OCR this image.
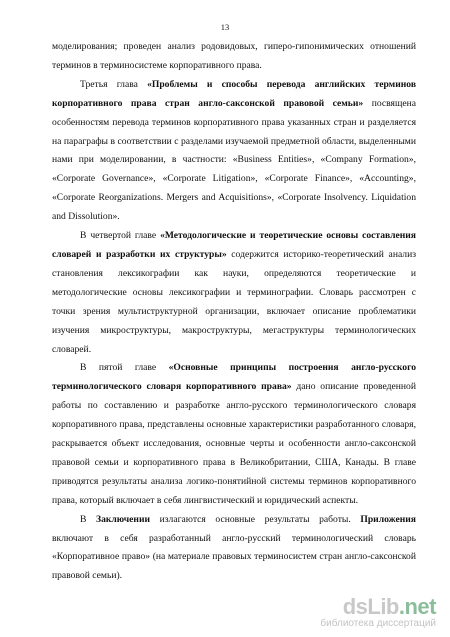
13

моделирования; проведен анализ родовидовых, гиперо-гипонимических отношений терминов в терминосистеме корпоративного права.

Третья глава «Проблемы и способы перевода английских терминов корпоративного права стран англо-саксонской правовой семьи» посвящена особенностям перевода терминов корпоративного права указанных стран и разделяется на параграфы в соответствии с разделами изучаемой предметной области, выделенными нами при моделировании, в частности: «Business Entities», «Company Formation», «Corporate Governance», «Corporate Litigation», «Corporate Finance», «Accounting», «Corporate Reorganizations. Mergers and Acquisitions», «Corporate Insolvency. Liquidation and Dissolution».

В четвертой главе «Методологические и теоретические основы составления словарей и разработки их структуры» содержится историко-теоретический анализ становления лексикографии как науки, определяются теоретические и методологические основы лексикографии и терминографии. Словарь рассмотрен с точки зрения мультиструктурной организации, включает описание проблематики изучения микроструктуры, макроструктуры, мегаструктуры терминологических словарей.

В пятой главе «Основные принципы построения англо-русского терминологического словаря корпоративного права» дано описание проведенной работы по составлению и разработке англо-русского терминологического словаря корпоративного права, представлены основные характеристики разработанного словаря, раскрывается объект исследования, основные черты и особенности англо-саксонской правовой семьи и корпоративного права в Великобритании, США, Канады. В главе приводятся результаты анализа логико-понятийной системы терминов корпоративного права, который включает в себя лингвистический и юридический аспекты.

В Заключении излагаются основные результаты работы. Приложения включают в себя разработанный англо-русский терминологический словарь «Корпоративное право» (на материале правовых терминосистем стран англо-саксонской правовой семьи).

dsLib.net
библиотека диссертаций
